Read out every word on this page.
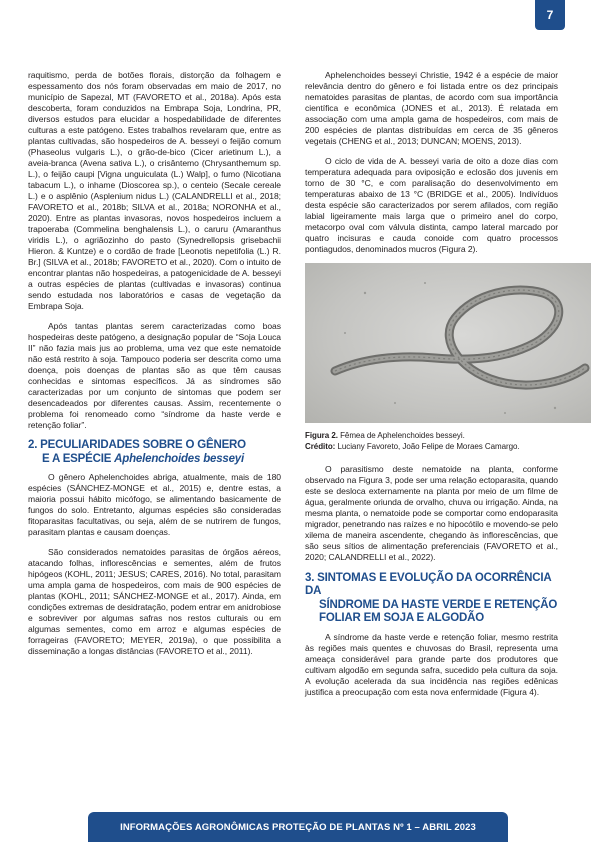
7

raquitismo, perda de botões florais, distorção da folhagem e espessamento dos nós foram observadas em maio de 2017, no município de Sapezal, MT (FAVORETO et al., 2018a). Após esta descoberta, foram conduzidos na Embrapa Soja, Londrina, PR, diversos estudos para elucidar a hospedabilidade de diferentes culturas a este patógeno. Estes trabalhos revelaram que, entre as plantas cultivadas, são hospedeiros de A. besseyi o feijão comum (Phaseolus vulgaris L.), o grão-de-bico (Cicer arietinum L.), a aveia-branca (Avena sativa L.), o crisântemo (Chrysanthemum sp. L.), o feijão caupi [Vigna unguiculata (L.) Walp], o fumo (Nicotiana tabacum L.), o inhame (Dioscorea sp.), o centeio (Secale cereale L.) e o asplênio (Asplenium nidus L.) (CALANDRELLI et al., 2018; FAVORETO et al., 2018b; SILVA et al., 2018a; NORONHA et al., 2020). Entre as plantas invasoras, novos hospedeiros incluem a trapoeraba (Commelina benghalensis L.), o caruru (Amaranthus viridis L.), o agriãozinho do pasto (Synedrellopsis grisebachii Hieron. & Kuntze) e o cordão de frade [Leonotis nepetifolia (L.) R. Br.] (SILVA et al., 2018b; FAVORETO et al., 2020). Com o intuito de encontrar plantas não hospedeiras, a patogenicidade de A. besseyi a outras espécies de plantas (cultivadas e invasoras) continua sendo estudada nos laboratórios e casas de vegetação da Embrapa Soja.

Após tantas plantas serem caracterizadas como boas hospedeiras deste patógeno, a designação popular de “Soja Louca II” não fazia mais jus ao problema, uma vez que este nematoide não está restrito à soja. Tampouco poderia ser descrita como uma doença, pois doenças de plantas são as que têm causas conhecidas e sintomas específicos. Já as síndromes são caracterizadas por um conjunto de sintomas que podem ser desencadeados por diferentes causas. Assim, recentemente o problema foi renomeado como “síndrome da haste verde e retenção foliar”.

2. PECULIARIDADES SOBRE O GÊNERO
E A ESPÉCIE Aphelenchoides besseyi

O gênero Aphelenchoides abriga, atualmente, mais de 180 espécies (SÁNCHEZ-MONGE et al., 2015) e, dentre estas, a maioria possui hábito micófogo, se alimentando basicamente de fungos do solo. Entretanto, algumas espécies são consideradas fitoparasitas facultativas, ou seja, além de se nutrirem de fungos, parasitam plantas e causam doenças.

São considerados nematoides parasitas de órgãos aéreos, atacando folhas, inflorescências e sementes, além de frutos hipógeos (KOHL, 2011; JESUS; CARES, 2016). No total, parasitam uma ampla gama de hospedeiros, com mais de 900 espécies de plantas (KOHL, 2011; SÁNCHEZ-MONGE et al., 2017). Ainda, em condições extremas de desidratação, podem entrar em anidrobiose e sobreviver por algumas safras nos restos culturais ou em algumas sementes, como em arroz e algumas espécies de forrageiras (FAVORETO; MEYER, 2019a), o que possibilita a disseminação a longas distâncias (FAVORETO et al., 2011).

Aphelenchoides besseyi Christie, 1942 é a espécie de maior relevância dentro do gênero e foi listada entre os dez principais nematoides parasitas de plantas, de acordo com sua importância científica e econômica (JONES et al., 2013). É relatada em associação com uma ampla gama de hospedeiros, com mais de 200 espécies de plantas distribuídas em cerca de 35 gêneros vegetais (CHENG et al., 2013; DUNCAN; MOENS, 2013).

O ciclo de vida de A. besseyi varia de oito a doze dias com temperatura adequada para oviposição e eclosão dos juvenis em torno de 30 °C, e com paralisação do desenvolvimento em temperaturas abaixo de 13 °C (BRIDGE et al., 2005). Indivíduos desta espécie são caracterizados por serem afilados, com região labial ligeiramente mais larga que o primeiro anel do corpo, metacorpo oval com válvula distinta, campo lateral marcado por quatro incisuras e cauda conoide com quatro processos pontiagudos, denominados mucros (Figura 2).

Figura 2. Fêmea de Aphelenchoides besseyi.
Crédito: Luciany Favoreto, João Felipe de Moraes Camargo.

O parasitismo deste nematoide na planta, conforme observado na Figura 3, pode ser uma relação ectoparasita, quando este se desloca externamente na planta por meio de um filme de água, geralmente oriunda de orvalho, chuva ou irrigação. Ainda, na mesma planta, o nematoide pode se comportar como endoparasita migrador, penetrando nas raízes e no hipocótilo e movendo-se pelo xilema de maneira ascendente, chegando às inflorescências, que são seus sítios de alimentação preferenciais (FAVORETO et al., 2020; CALANDRELLI et al., 2022).

3. SINTOMAS E EVOLUÇÃO DA OCORRÊNCIA DA
SÍNDROME DA HASTE VERDE E RETENÇÃO
FOLIAR EM SOJA E ALGODÃO

A síndrome da haste verde e retenção foliar, mesmo restrita às regiões mais quentes e chuvosas do Brasil, representa uma ameaça considerável para grande parte dos produtores que cultivam algodão em segunda safra, sucedido pela cultura da soja. A evolução acelerada da sua incidência nas regiões edênicas justifica a preocupação com esta nova enfermidade (Figura 4).

INFORMAÇÕES AGRONÔMICAS PROTEÇÃO DE PLANTAS Nº 1 – ABRIL 2023
